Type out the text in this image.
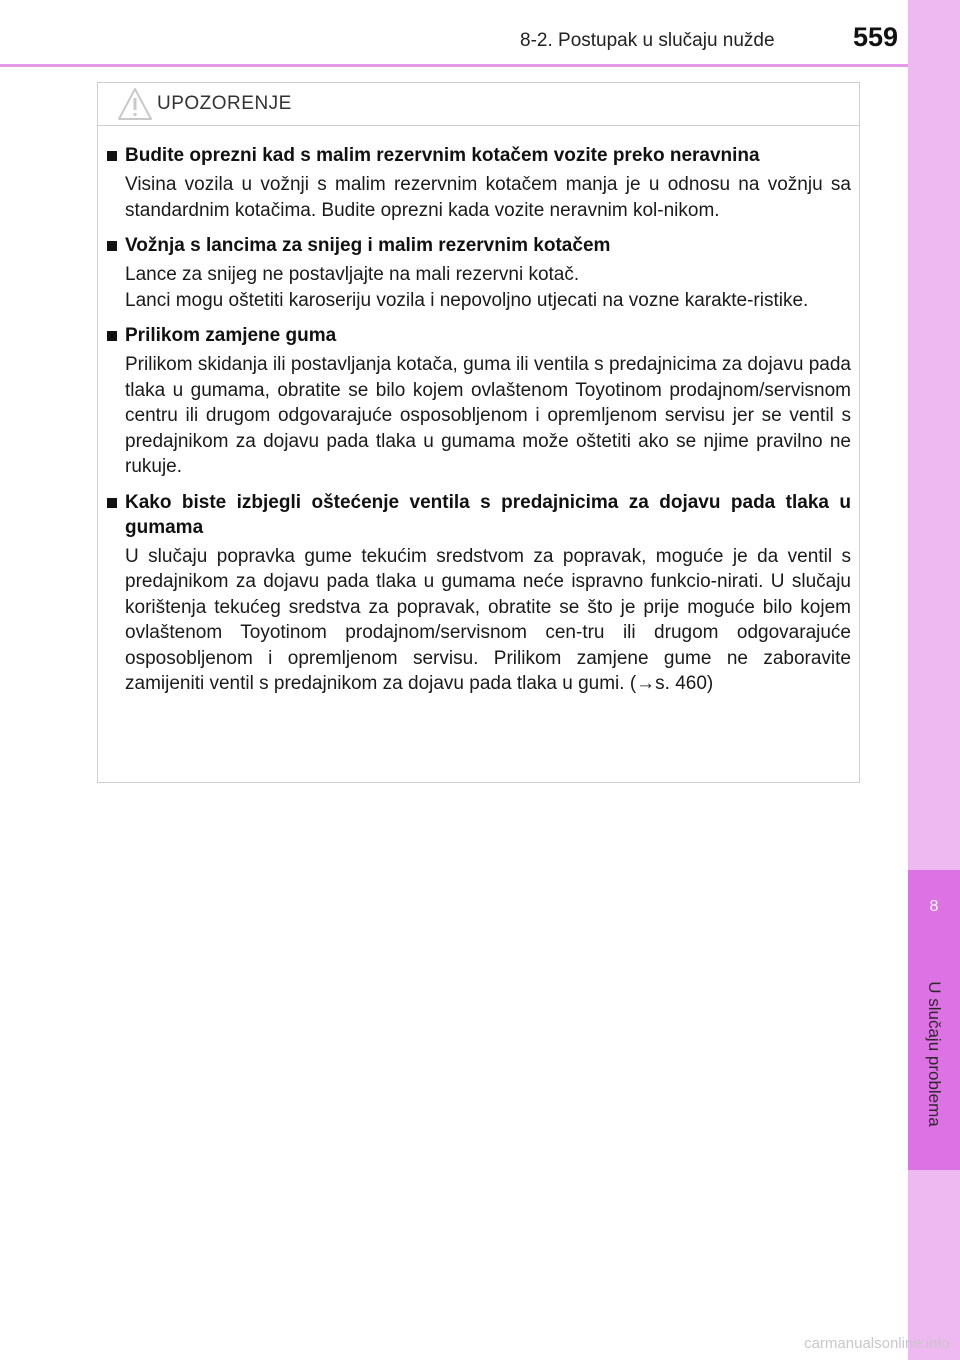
8-2. Postupak u slučaju nužde	559
8
U slučaju problema
UPOZORENJE
Budite oprezni kad s malim rezervnim kotačem vozite preko neravnina

Visina vozila u vožnji s malim rezervnim kotačem manja je u odnosu na vožnju sa standardnim kotačima. Budite oprezni kada vozite neravnim kol-nikom.

Vožnja s lancima za snijeg i malim rezervnim kotačem

Lance za snijeg ne postavljajte na mali rezervni kotač.

Lanci mogu oštetiti karoseriju vozila i nepovoljno utjecati na vozne karakte-ristike.

Prilikom zamjene guma

Prilikom skidanja ili postavljanja kotača, guma ili ventila s predajnicima za dojavu pada tlaka u gumama, obratite se bilo kojem ovlaštenom Toyotinom prodajnom/servisnom centru ili drugom odgovarajuće osposobljenom i opremljenom servisu jer se ventil s predajnikom za dojavu pada tlaka u gumama može oštetiti ako se njime pravilno ne rukuje.

Kako biste izbjegli oštećenje ventila s predajnicima za dojavu pada tlaka u gumama

U slučaju popravka gume tekućim sredstvom za popravak, moguće je da ventil s predajnikom za dojavu pada tlaka u gumama neće ispravno funkcio-nirati. U slučaju korištenja tekućeg sredstva za popravak, obratite se što je prije moguće bilo kojem ovlaštenom Toyotinom prodajnom/servisnom cen-tru ili drugom odgovarajuće osposobljenom i opremljenom servisu. Prilikom zamjene gume ne zaboravite zamijeniti ventil s predajnikom za dojavu pada tlaka u gumi. (→s. 460)

carmanualsonline.info
